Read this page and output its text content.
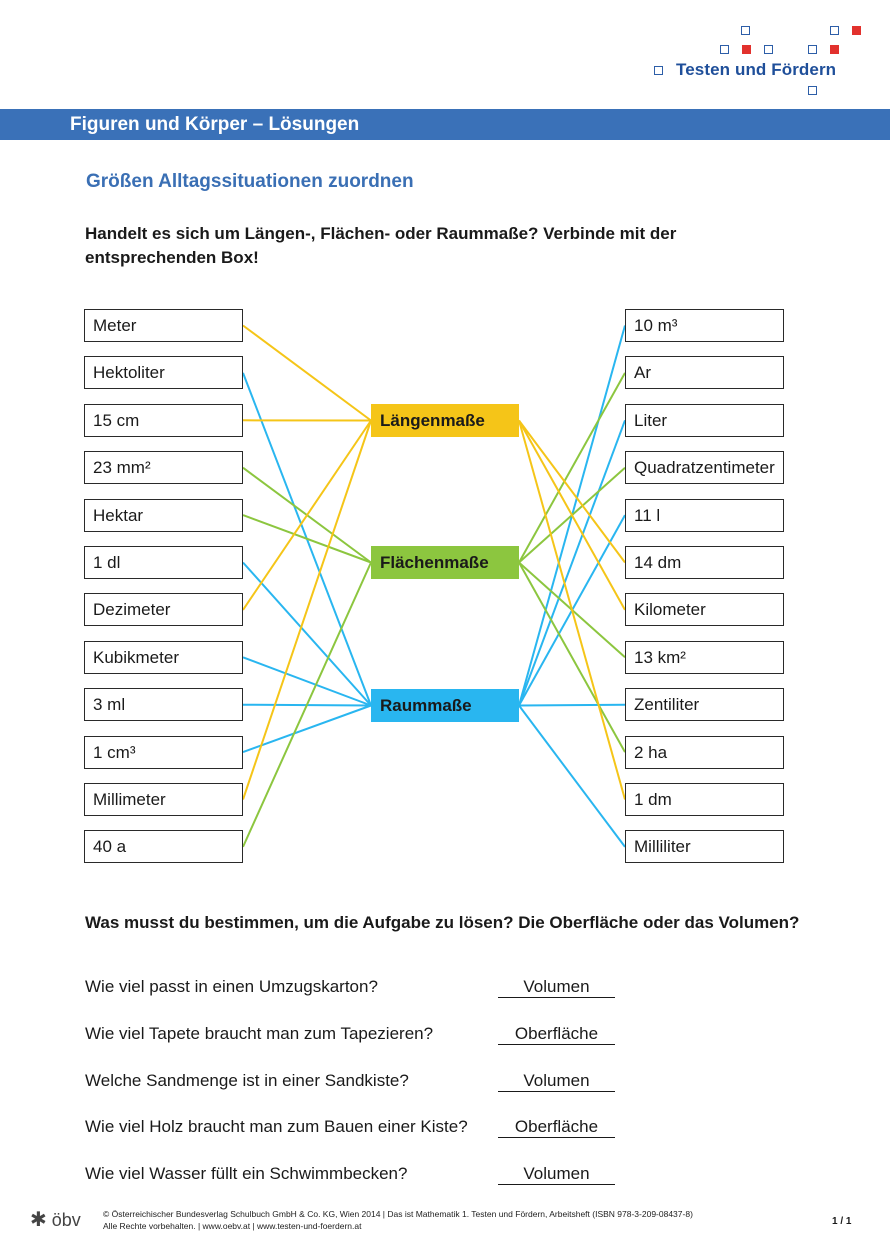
Testen und Fördern
Figuren und Körper – Lösungen
Größen Alltagssituationen zuordnen
Handelt es sich um Längen-, Flächen- oder Raummaße? Verbinde mit der entsprechenden Box!
Meter
Hektoliter
15 cm
23 mm²
Hektar
1 dl
Dezimeter
Kubikmeter
3 ml
1 cm³
Millimeter
40 a
10 m³
Ar
Liter
Quadratzentimeter
11 l
14 dm
Kilometer
13 km²
Zentiliter
2 ha
1 dm
Milliliter
Längenmaße
Flächenmaße
Raummaße
Was musst du bestimmen, um die Aufgabe zu lösen? Die Oberfläche oder das Volumen?
Wie viel passt in einen Umzugskarton?	Volumen
Wie viel Tapete braucht man zum Tapezieren?	Oberfläche
Welche Sandmenge ist in einer Sandkiste?	Volumen
Wie viel Holz braucht man zum Bauen einer Kiste?	Oberfläche
Wie viel Wasser füllt ein Schwimmbecken?	Volumen
✱ öbv	© Österreichischer Bundesverlag Schulbuch GmbH & Co. KG, Wien 2014 | Das ist Mathematik 1. Testen und Fördern, Arbeitsheft (ISBN 978-3-209-08437-8)
Alle Rechte vorbehalten. | www.oebv.at | www.testen-und-foerdern.at	1 / 1
